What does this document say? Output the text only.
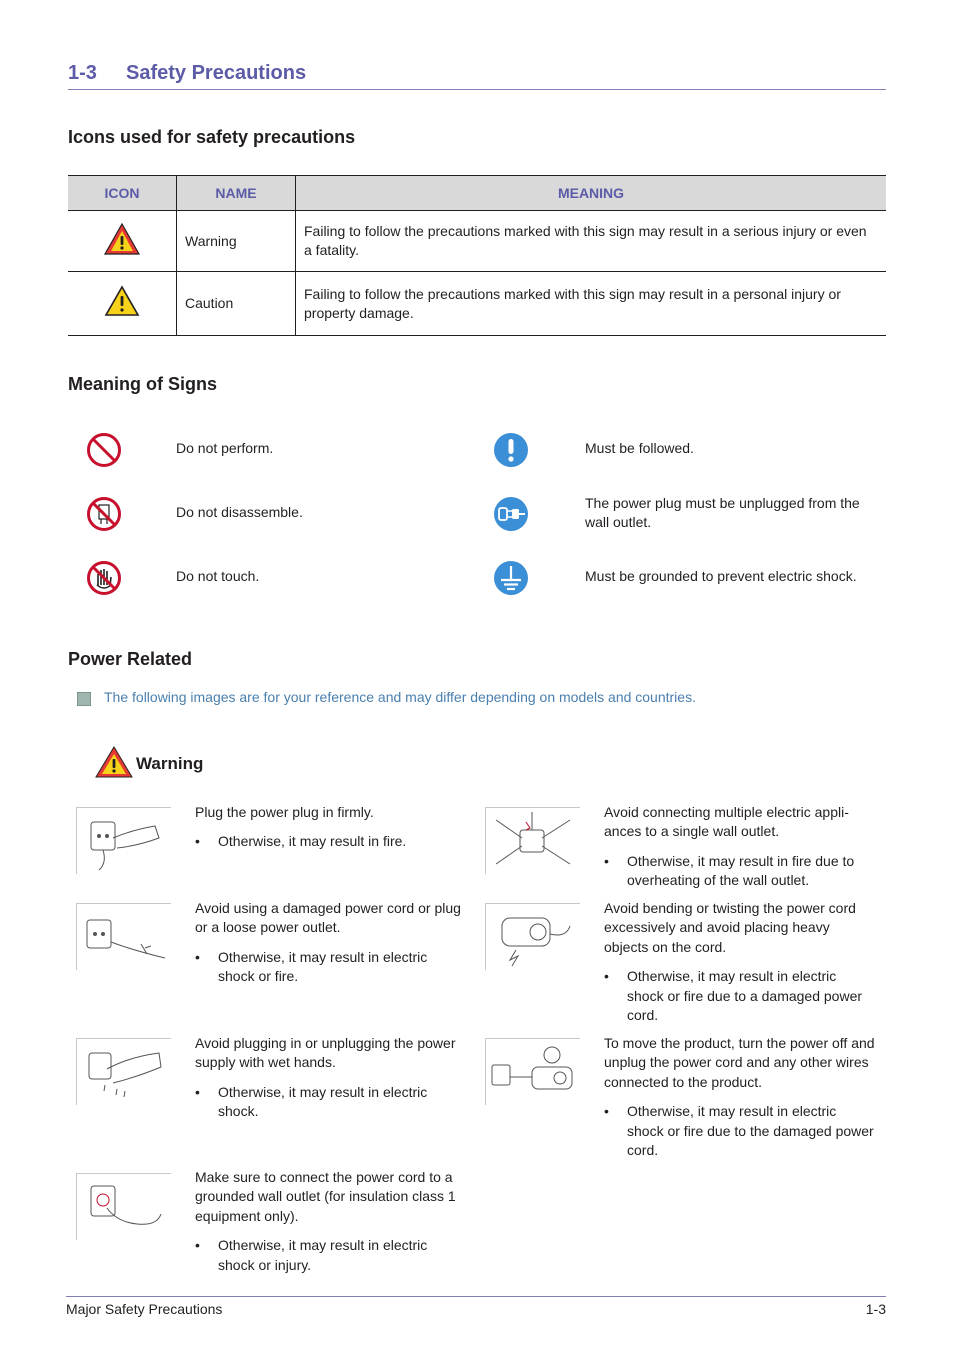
1-3 Safety Precautions
Icons used for safety precautions
ICON	NAME	MEANING
	Warning	Failing to follow the precautions marked with this sign may result in a serious injury or even a fatality.
	Caution	Failing to follow the precautions marked with this sign may result in a personal injury or property damage.
Meaning of Signs
Do not perform.
Do not disassemble.
Do not touch.
Must be followed.
The power plug must be unplugged from the wall outlet.
Must be grounded to prevent electric shock.
Power Related
The following images are for your reference and may differ depending on models and countries.
Warning

Plug the power plug in firmly.

• Otherwise, it may result in fire.

Avoid using a damaged power cord or plug or a loose power outlet.

• Otherwise, it may result in electric shock or fire.

Avoid plugging in or unplugging the power supply with wet hands.

• Otherwise, it may result in electric shock.

Make sure to connect the power cord to a grounded wall outlet (for insulation class 1 equipment only).

• Otherwise, it may result in electric shock or injury.

Avoid connecting multiple electric appli-ances to a single wall outlet.

• Otherwise, it may result in fire due to overheating of the wall outlet.

Avoid bending or twisting the power cord excessively and avoid placing heavy objects on the cord.

• Otherwise, it may result in electric shock or fire due to a damaged power cord.

To move the product, turn the power off and unplug the power cord and any other wires connected to the product.

• Otherwise, it may result in electric shock or fire due to the damaged power cord.
Major Safety Precautions	1-3
